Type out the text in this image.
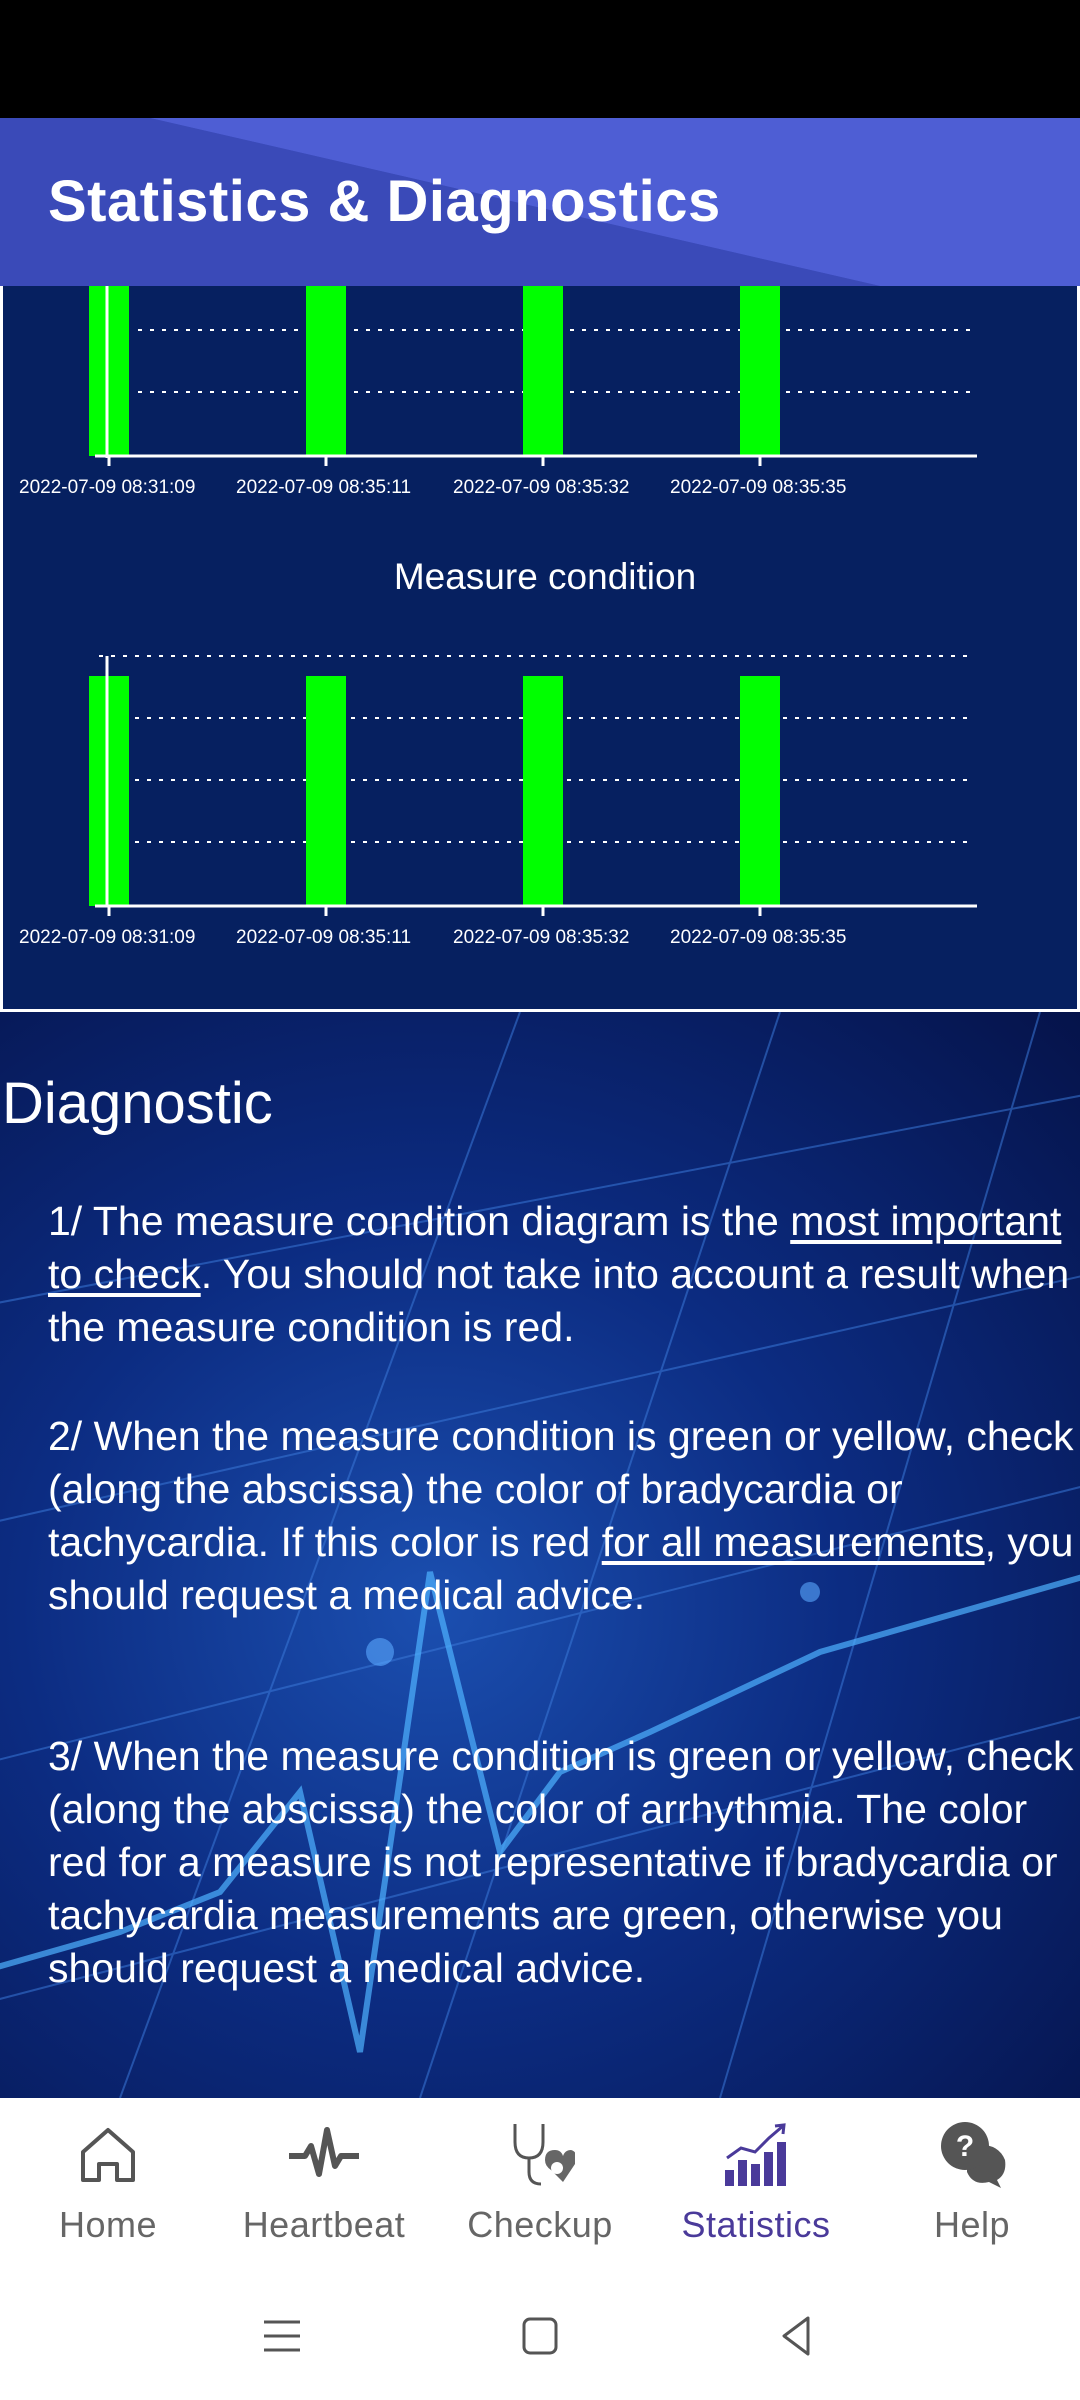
Statistics & Diagnostics
2022-07-09 08:31:09 2022-07-09 08:35:11 2022-07-09 08:35:32 2022-07-09 08:35:35
Measure condition
2022-07-09 08:31:09 2022-07-09 08:35:11 2022-07-09 08:35:32 2022-07-09 08:35:35
Diagnostic
1/ The measure condition diagram is the most important to check. You should not take into account a result when the measure condition is red.
2/ When the measure condition is green or yellow, check (along the abscissa) the color of bradycardia or tachycardia. If this color is red for all measurements, you should request a medical advice.
3/ When the measure condition is green or yellow, check (along the abscissa) the color of arrhythmia. The color red for a measure is not representative if bradycardia or tachycardia measurements are green, otherwise you should request a medical advice.
Home	Heartbeat	Checkup	Statistics
?
Help
